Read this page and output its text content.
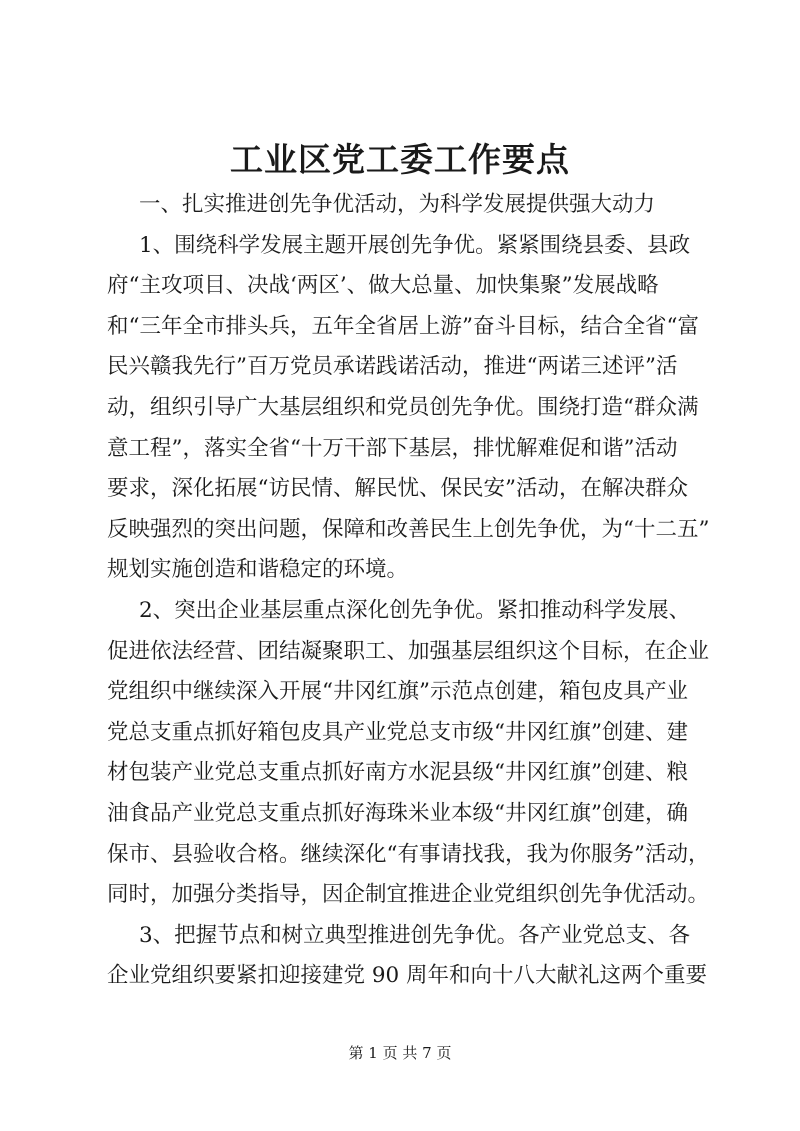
工业区党工委工作要点
一、扎实推进创先争优活动，为科学发展提供强大动力
1、围绕科学发展主题开展创先争优。紧紧围绕县委、县政
府“主攻项目、决战‘两区’、做大总量、加快集聚”发展战略
和“三年全市排头兵，五年全省居上游”奋斗目标，结合全省“富
民兴赣我先行”百万党员承诺践诺活动，推进“两诺三述评”活
动，组织引导广大基层组织和党员创先争优。围绕打造“群众满
意工程”，落实全省“十万干部下基层，排忧解难促和谐”活动
要求，深化拓展“访民情、解民忧、保民安”活动，在解决群众
反映强烈的突出问题，保障和改善民生上创先争优，为“十二五”
规划实施创造和谐稳定的环境。
2、突出企业基层重点深化创先争优。紧扣推动科学发展、
促进依法经营、团结凝聚职工、加强基层组织这个目标，在企业
党组织中继续深入开展“井冈红旗”示范点创建，箱包皮具产业
党总支重点抓好箱包皮具产业党总支市级“井冈红旗”创建、建
材包装产业党总支重点抓好南方水泥县级“井冈红旗”创建、粮
油食品产业党总支重点抓好海珠米业本级“井冈红旗”创建，确
保市、县验收合格。继续深化“有事请找我，我为你服务”活动，
同时，加强分类指导，因企制宜推进企业党组织创先争优活动。
3、把握节点和树立典型推进创先争优。各产业党总支、各
企业党组织要紧扣迎接建党 90 周年和向十八大献礼这两个重要
第 1 页 共 7 页
